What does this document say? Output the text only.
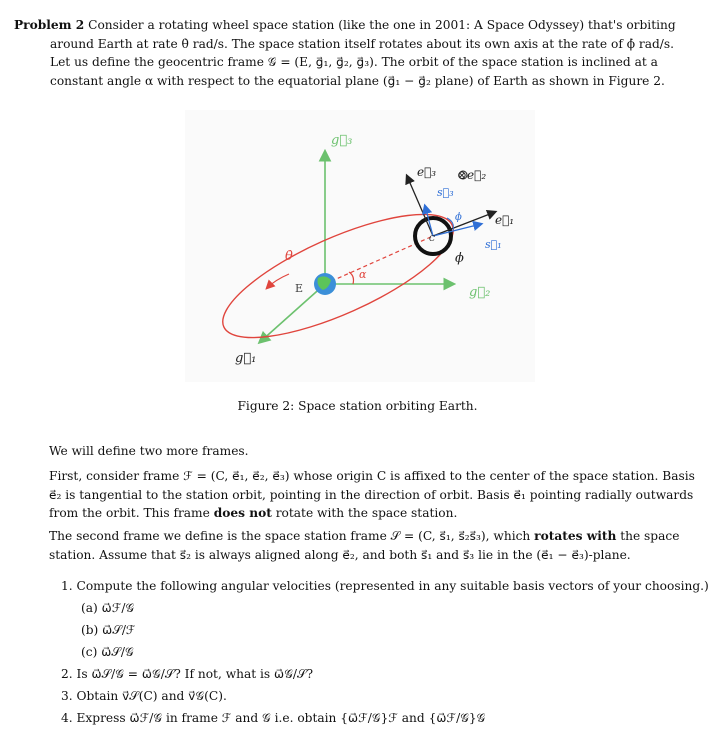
Problem 2 Consider a rotating wheel space station (like the one in 2001: A Space Odyssey) that's orbiting
around Earth at rate θ̇ rad/s. The space station itself rotates about its own axis at the rate of ϕ̇ rad/s.
Let us define the geocentric frame 𝒢 = (E, g⃗₁, g⃗₂, g⃗₃). The orbit of the space station is inclined at a
constant angle α with respect to the equatorial plane (g⃗₁ − g⃗₂ plane) of Earth as shown in Figure 2.
g⃗₃
g⃗₂
g⃗₁
e⃗₃ ⊗e⃗₂
e⃗₁
s⃗₃
s⃗₁
ϕ
ϕ
θ̇
α
E
C
Figure 2: Space station orbiting Earth.
We will define two more frames.
First, consider frame ℱ = (C, e⃗₁, e⃗₂, e⃗₃) whose origin C is affixed to the center of the space station. Basis
e⃗₂ is tangential to the station orbit, pointing in the direction of orbit. Basis e⃗₁ pointing radially outwards
from the orbit. This frame does not rotate with the space station.
The second frame we define is the space station frame 𝒮 = (C, s⃗₁, s⃗₂s⃗₃), which rotates with the space
station. Assume that s⃗₂ is always aligned along e⃗₂, and both s⃗₁ and s⃗₃ lie in the (e⃗₁ − e⃗₃)-plane.
1. Compute the following angular velocities (represented in any suitable basis vectors of your choosing.)
(a) ω⃗ℱ/𝒢
(b) ω⃗𝒮/ℱ
(c) ω⃗𝒮/𝒢
2. Is ω⃗𝒮/𝒢 = ω⃗𝒢/𝒮? If not, what is ω⃗𝒢/𝒮?
3. Obtain v⃗𝒮(C) and v⃗𝒢(C).
4. Express ω⃗ℱ/𝒢 in frame ℱ and 𝒢 i.e. obtain {ω⃗ℱ/𝒢}ℱ and {ω⃗ℱ/𝒢}𝒢
